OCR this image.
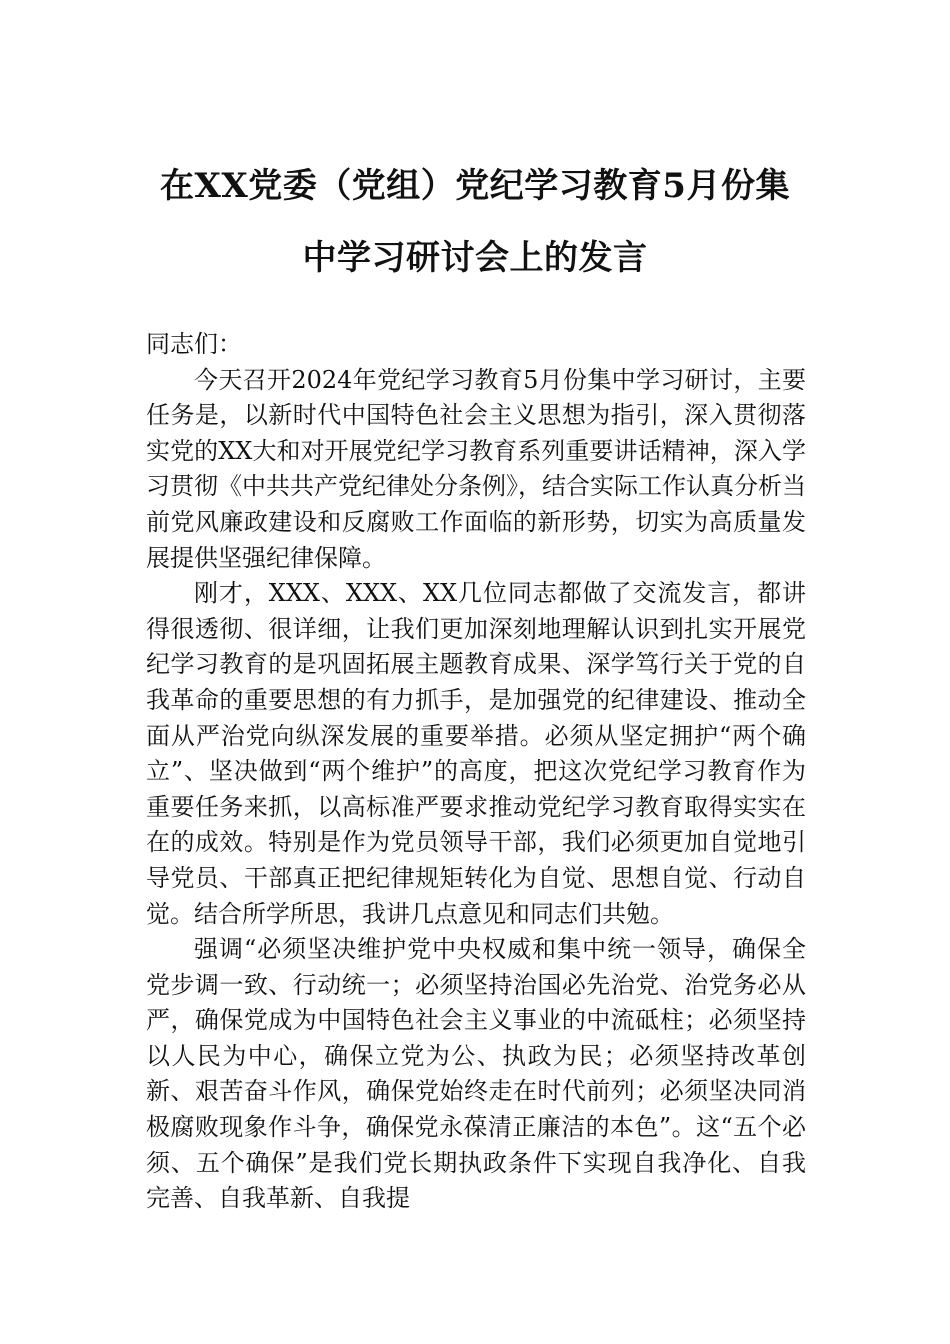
在XX党委（党组）党纪学习教育5月份集
中学习研讨会上的发言

同志们：

今天召开2024年党纪学习教育5月份集中学习研讨，主要任务是，以新时代中国特色社会主义思想为指引，深入贯彻落实党的XX大和对开展党纪学习教育系列重要讲话精神，深入学习贯彻《中共共产党纪律处分条例》，结合实际工作认真分析当前党风廉政建设和反腐败工作面临的新形势，切实为高质量发展提供坚强纪律保障。

刚才，XXX、XXX、XX几位同志都做了交流发言，都讲得很透彻、很详细，让我们更加深刻地理解认识到扎实开展党纪学习教育的是巩固拓展主题教育成果、深学笃行关于党的自我革命的重要思想的有力抓手，是加强党的纪律建设、推动全面从严治党向纵深发展的重要举措。必须从坚定拥护“两个确立”、坚决做到“两个维护”的高度，把这次党纪学习教育作为重要任务来抓，以高标准严要求推动党纪学习教育取得实实在在的成效。特别是作为党员领导干部，我们必须更加自觉地引导党员、干部真正把纪律规矩转化为自觉、思想自觉、行动自觉。结合所学所思，我讲几点意见和同志们共勉。

强调“必须坚决维护党中央权威和集中统一领导，确保全党步调一致、行动统一；必须坚持治国必先治党、治党务必从严，确保党成为中国特色社会主义事业的中流砥柱；必须坚持以人民为中心，确保立党为公、执政为民；必须坚持改革创新、艰苦奋斗作风，确保党始终走在时代前列；必须坚决同消极腐败现象作斗争，确保党永葆清正廉洁的本色”。这“五个必须、五个确保”是我们党长期执政条件下实现自我净化、自我完善、自我革新、自我提
